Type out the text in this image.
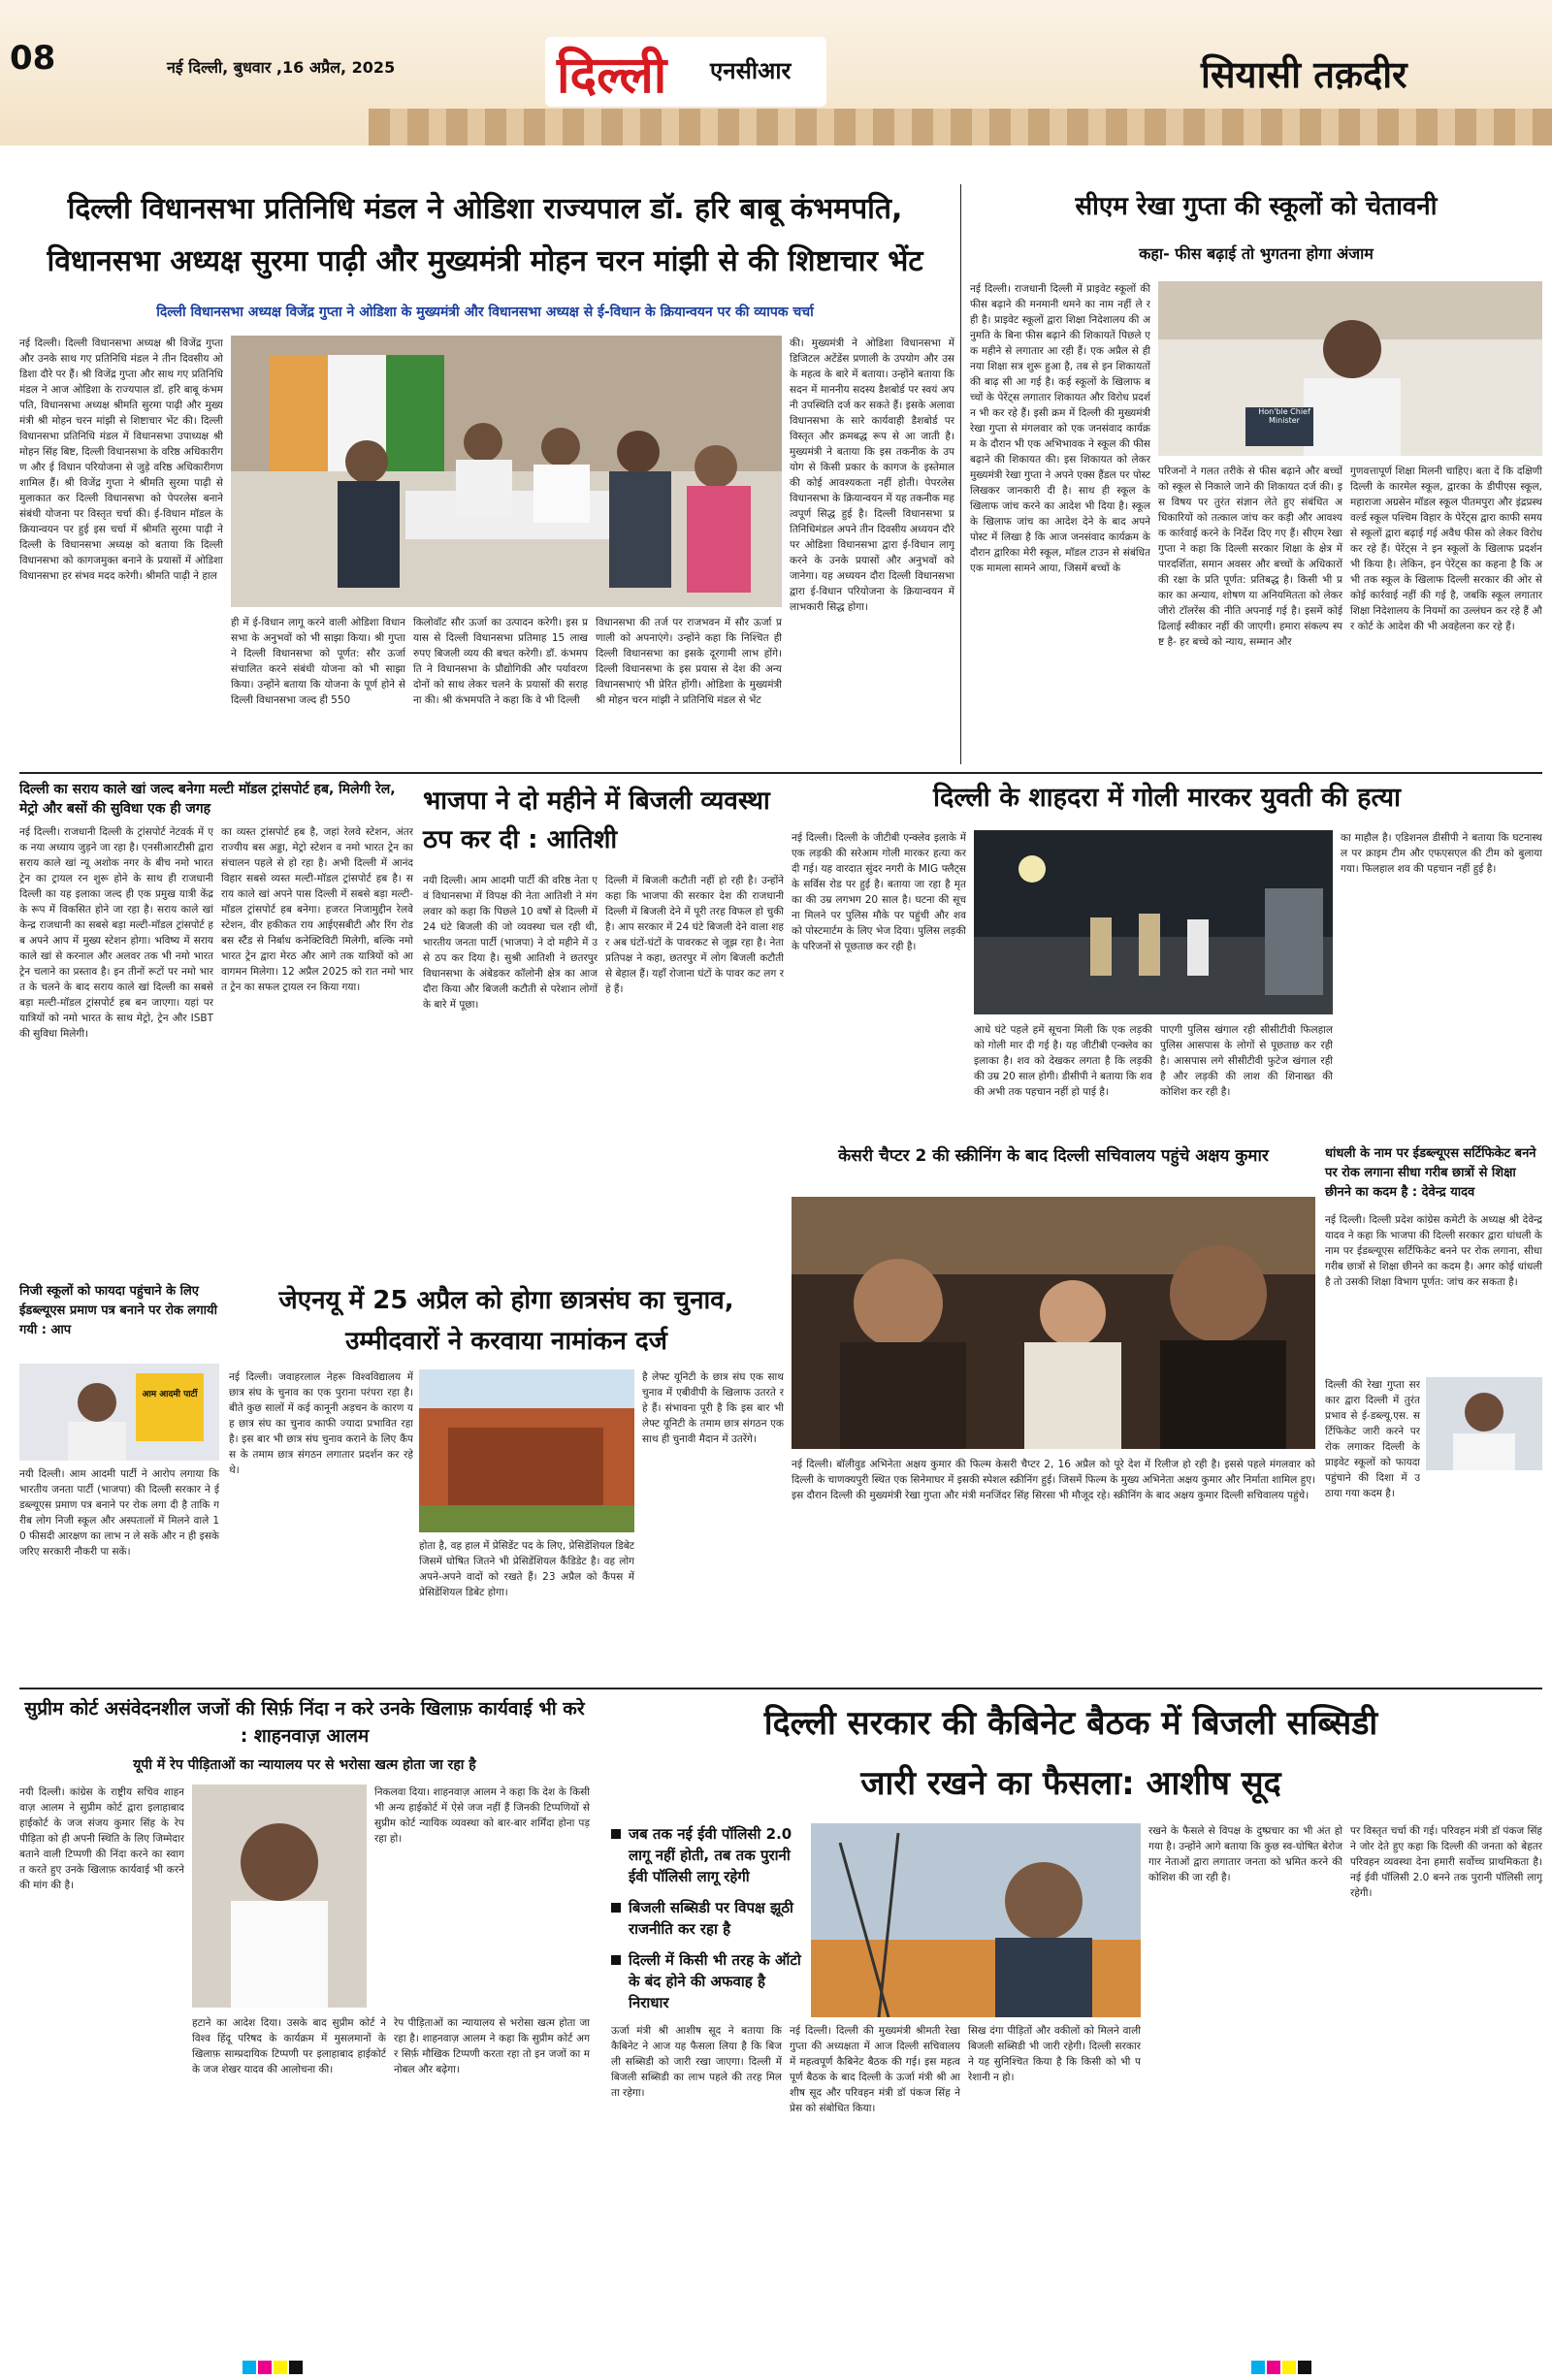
08	नई दिल्ली, बुधवार ,16 अप्रैल, 2025	दिल्ली एनसीआर	सियासी तक़दीर
दिल्ली विधानसभा प्रतिनिधि मंडल ने ओडिशा राज्यपाल डॉ. हरि बाबू कंभमपति,
विधानसभा अध्यक्ष सुरमा पाढ़ी और मुख्यमंत्री मोहन चरन मांझी से की शिष्टाचार भेंट
दिल्ली विधानसभा अध्यक्ष विजेंद्र गुप्ता ने ओडिशा के मुख्यमंत्री और विधानसभा अध्यक्ष से ई-विधान के क्रियान्वयन पर की व्यापक चर्चा
नई दिल्ली। दिल्ली विधानसभा अध्यक्ष श्री विजेंद्र गुप्ता और उनके साथ गए प्रतिनिधि मंडल ने तीन दिवसीय ओडिशा दौरे पर हैं। श्री विजेंद्र गुप्ता और साथ गए प्रतिनिधि मंडल ने आज ओडिशा के राज्यपाल डॉ. हरि बाबू कंभमपति, विधानसभा अध्यक्ष श्रीमति सुरमा पाढ़ी और मुख्यमंत्री श्री मोहन चरन मांझी से शिष्टाचार भेंट की। दिल्ली विधानसभा प्रतिनिधि मंडल में विधानसभा उपाध्यक्ष श्री मोहन सिंह बिष्ट, दिल्ली विधानसभा के वरिष्ठ अधिकारीगण और ई विधान परियोजना से जुड़े वरिष्ठ अधिकारीगण शामिल हैं। श्री विजेंद्र गुप्ता ने श्रीमति सुरमा पाढ़ी से मुलाकात कर दिल्ली विधानसभा को पेपरलेस बनाने संबंधी योजना पर विस्तृत चर्चा की। ई-विधान मॉडल के क्रियान्वयन पर हुई इस चर्चा में श्रीमति सुरमा पाढ़ी ने दिल्ली के विधानसभा अध्यक्ष को बताया कि दिल्ली विधानसभा को कागजमुक्त बनाने के प्रयासों में ओडिशा विधानसभा हर संभव मदद करेगी। श्रीमति पाढ़ी ने हाल
ही में ई-विधान लागू करने वाली ओडिशा विधानसभा के अनुभवों को भी साझा किया। श्री गुप्ता ने दिल्ली विधानसभा को पूर्णत: सौर ऊर्जा संचालित करने संबंधी योजना को भी साझा किया। उन्होंने बताया कि योजना के पूर्ण होने से दिल्ली विधानसभा जल्द ही 550
किलोवॉट सौर ऊर्जा का उत्पादन करेगी। इस प्रयास से दिल्ली विधानसभा प्रतिमाह 15 लाख रुपए बिजली व्यय की बचत करेगी। डॉ. कंभमपति ने विधानसभा के प्रौद्योगिकी और पर्यावरण दोनों को साथ लेकर चलने के प्रयासों की सराहना की। श्री कंभमपति ने कहा कि वे भी दिल्ली
विधानसभा की तर्ज पर राजभवन में सौर ऊर्जा प्रणाली को अपनाएंगे। उन्होंने कहा कि निश्चित ही दिल्ली विधानसभा का इसके दूरगामी लाभ होंगे। दिल्ली विधानसभा के इस प्रयास से देश की अन्य विधानसभाएं भी प्रेरित होंगी। ओडिशा के मुख्यमंत्री श्री मोहन चरन मांझी ने प्रतिनिधि मंडल से भेंट
की। मुख्यमंत्री ने ओडिशा विधानसभा में डिजिटल अटेंडेंस प्रणाली के उपयोग और उसके महत्व के बारे में बताया। उन्होंने बताया कि सदन में माननीय सदस्य डैशबोर्ड पर स्वयं अपनी उपस्थिति दर्ज कर सकते हैं। इसके अलावा विधानसभा के सारे कार्यवाही डैशबोर्ड पर विस्तृत और क्रमबद्ध रूप से आ जाती है। मुख्यमंत्री ने बताया कि इस तकनीक के उपयोग से किसी प्रकार के कागज के इस्तेमाल की कोई आवश्यकता नहीं होती। पेपरलेस विधानसभा के क्रियान्वयन में यह तकनीक महत्वपूर्ण सिद्ध हुई है। दिल्ली विधानसभा प्रतिनिधिमंडल अपने तीन दिवसीय अध्ययन दौरे पर ओडिशा विधानसभा द्वारा ई-विधान लागू करने के उनके प्रयासों और अनुभवों को जानेगा। यह अध्ययन दौरा दिल्ली विधानसभा द्वारा ई-विधान परियोजना के क्रियान्वयन में लाभकारी सिद्ध होगा।
सीएम रेखा गुप्ता की स्कूलों को चेतावनी
कहा- फीस बढ़ाई तो भुगतना होगा अंजाम
नई दिल्ली। राजधानी दिल्ली में प्राइवेट स्कूलों की फीस बढ़ाने की मनमानी थमने का नाम नहीं ले रही है। प्राइवेट स्कूलों द्वारा शिक्षा निदेशालय की अनुमति के बिना फीस बढ़ाने की शिकायतें पिछले एक महीने से लगातार आ रही हैं। एक अप्रैल से ही नया शिक्षा सत्र शुरू हुआ है, तब से इन शिकायतों की बाढ़ सी आ गई है। कई स्कूलों के खिलाफ बच्चों के पेरेंट्स लगातार शिकायत और विरोध प्रदर्शन भी कर रहे हैं। इसी क्रम में दिल्ली की मुख्यमंत्री रेखा गुप्ता से मंगलवार को एक जनसंवाद कार्यक्रम के दौरान भी एक अभिभावक ने स्कूल की फीस बढ़ाने की शिकायत की। इस शिकायत को लेकर मुख्यमंत्री रेखा गुप्ता ने अपने एक्स हैंडल पर पोस्ट लिखकर जानकारी दी है। साथ ही स्कूल के खिलाफ जांच करने का आदेश भी दिया है। स्कूल के खिलाफ जांच का आदेश देने के बाद अपने पोस्ट में लिखा है कि आज जनसंवाद कार्यक्रम के दौरान द्वारिका मेरी स्कूल, मॉडल टाउन से संबंधित एक मामला सामने आया, जिसमें बच्चों के
Hon'ble Chief Minister
परिजनों ने गलत तरीके से फीस बढ़ाने और बच्चों को स्कूल से निकाले जाने की शिकायत दर्ज की। इस विषय पर तुरंत संज्ञान लेते हुए संबंधित अधिकारियों को तत्काल जांच कर कड़ी और आवश्यक कार्रवाई करने के निर्देश दिए गए हैं। सीएम रेखा गुप्ता ने कहा कि दिल्ली सरकार शिक्षा के क्षेत्र में पारदर्शिता, समान अवसर और बच्चों के अधिकारों की रक्षा के प्रति पूर्णत: प्रतिबद्ध है। किसी भी प्रकार का अन्याय, शोषण या अनियमितता को लेकर जीरो टॉलरेंस की नीति अपनाई गई है। इसमें कोई ढिलाई स्वीकार नहीं की जाएगी। हमारा संकल्प स्पष्ट है- हर बच्चे को न्याय, सम्मान और
गुणवत्तापूर्ण शिक्षा मिलनी चाहिए। बता दें कि दक्षिणी दिल्ली के कारमेल स्कूल, द्वारका के डीपीएस स्कूल, महाराजा अग्रसेन मॉडल स्कूल पीतमपुरा और इंद्रप्रस्थ वर्ल्ड स्कूल पश्चिम विहार के पेरेंट्स द्वारा काफी समय से स्कूलों द्वारा बढ़ाई गई अवैध फीस को लेकर विरोध कर रहे हैं। पेरेंट्स ने इन स्कूलों के खिलाफ प्रदर्शन भी किया है। लेकिन, इन पेरेंट्स का कहना है कि अभी तक स्कूल के खिलाफ दिल्ली सरकार की ओर से कोई कार्रवाई नहीं की गई है, जबकि स्कूल लगातार शिक्षा निदेशालय के नियमों का उल्लंघन कर रहे हैं और कोर्ट के आदेश की भी अवहेलना कर रहे हैं।
दिल्ली का सराय काले खां जल्द बनेगा मल्टी मॉडल ट्रांसपोर्ट हब, मिलेगी रेल, मेट्रो और बसों की सुविधा एक ही जगह
नई दिल्ली। राजधानी दिल्ली के ट्रांसपोर्ट नेटवर्क में एक नया अध्याय जुड़ने जा रहा है। एनसीआरटीसी द्वारा सराय काले खां न्यू अशोक नगर के बीच नमो भारत ट्रेन का ट्रायल रन शुरू होने के साथ ही राजधानी दिल्ली का यह इलाका जल्द ही एक प्रमुख यात्री केंद्र के रूप में विकसित होने जा रहा है। सराय काले खां केन्द्र राजधानी का सबसे बड़ा मल्टी-मॉडल ट्रांसपोर्ट हब अपने आप में मुख्य स्टेशन होगा। भविष्य में सराय काले खां से करनाल और अलवर तक भी नमो भारत ट्रेन चलाने का प्रस्ताव है। इन तीनों रूटों पर नमो भारत के चलने के बाद सराय काले खां दिल्ली का सबसे बड़ा मल्टी-मॉडल ट्रांसपोर्ट हब बन जाएगा। यहां पर यात्रियों को नमो भारत के साथ मेट्रो, ट्रेन और ISBT की सुविधा मिलेगी।
का व्यस्त ट्रांसपोर्ट हब है, जहां रेलवे स्टेशन, अंतरराज्यीय बस अड्डा, मेट्रो स्टेशन व नमो भारत ट्रेन का संचालन पहले से हो रहा है। अभी दिल्ली में आनंद विहार सबसे व्यस्त मल्टी-मॉडल ट्रांसपोर्ट हब है। सराय काले खां अपने पास दिल्ली में सबसे बड़ा मल्टी-मॉडल ट्रांसपोर्ट हब बनेगा। हजरत निजामुद्दीन रेलवे स्टेशन, वीर हकीकत राय आईएसबीटी और रिंग रोड बस स्टैंड से निर्बाध कनेक्टिविटी मिलेगी, बल्कि नमो भारत ट्रेन द्वारा मेरठ और आगे तक यात्रियों को आवागमन मिलेगा। 12 अप्रैल 2025 को रात नमो भारत ट्रेन का सफल ट्रायल रन किया गया।
भाजपा ने दो महीने में बिजली व्यवस्था ठप कर दी : आतिशी
नयी दिल्ली। आम आदमी पार्टी की वरिष्ठ नेता एवं विधानसभा में विपक्ष की नेता आतिशी ने मंगलवार को कहा कि पिछले 10 वर्षों से दिल्ली में 24 घंटे बिजली की जो व्यवस्था चल रही थी, भारतीय जनता पार्टी (भाजपा) ने दो महीने में उसे ठप कर दिया है। सुश्री आतिशी ने छतरपुर विधानसभा के अंबेडकर कॉलोनी क्षेत्र का आज दौरा किया और बिजली कटौती से परेशान लोगों के बारे में पूछा।
दिल्ली में बिजली कटौती नहीं हो रही है। उन्होंने कहा कि भाजपा की सरकार देश की राजधानी दिल्ली में बिजली देने में पूरी तरह विफल हो चुकी है। आप सरकार में 24 घंटे बिजली देने वाला शहर अब घंटों-घंटों के पावरकट से जूझ रहा है। नेता प्रतिपक्ष ने कहा, छतरपुर में लोग बिजली कटौती से बेहाल हैं। यहाँ रोजाना घंटों के पावर कट लग रहे हैं।
दिल्ली के शाहदरा में गोली मारकर युवती की हत्या
नई दिल्ली। दिल्ली के जीटीबी एन्क्लेव इलाके में एक लड़की की सरेआम गोली मारकर हत्या कर दी गई। यह वारदात सुंदर नगरी के MIG फ्लैट्स के सर्विस रोड पर हुई है। बताया जा रहा है मृतका की उम्र लगभग 20 साल है। घटना की सूचना मिलने पर पुलिस मौके पर पहुंची और शव को पोस्टमार्टम के लिए भेज दिया। पुलिस लड़की के परिजनों से पूछताछ कर रही है।
आधे घंटे पहले हमें सूचना मिली कि एक लड़की को गोली मार दी गई है। यह जीटीबी एन्क्लेव का इलाका है। शव को देखकर लगता है कि लड़की की उम्र 20 साल होगी। डीसीपी ने बताया कि शव की अभी तक पहचान नहीं हो पाई है।
पाएगी पुलिस खंगाल रही सीसीटीवी फिलहाल पुलिस आसपास के लोगों से पूछताछ कर रही है। आसपास लगे सीसीटीवी फुटेज खंगाल रही है और लड़की की लाश की शिनाख्त की कोशिश कर रही है।
का माहौल है। एडिशनल डीसीपी ने बताया कि घटनास्थल पर क्राइम टीम और एफएसएल की टीम को बुलाया गया। फिलहाल शव की पहचान नहीं हुई है।
केसरी चैप्टर 2 की स्क्रीनिंग के बाद दिल्ली सचिवालय पहुंचे अक्षय कुमार
नई दिल्ली। बॉलीवुड अभिनेता अक्षय कुमार की फिल्म केसरी चैप्टर 2, 16 अप्रैल को पूरे देश में रिलीज हो रही है। इससे पहले मंगलवार को दिल्ली के चाणक्यपुरी स्थित एक सिनेमाघर में इसकी स्पेशल स्क्रीनिंग हुई। जिसमें फिल्म के मुख्य अभिनेता अक्षय कुमार और निर्माता शामिल हुए। इस दौरान दिल्ली की मुख्यमंत्री रेखा गुप्ता और मंत्री मनजिंदर सिंह सिरसा भी मौजूद रहे। स्क्रीनिंग के बाद अक्षय कुमार दिल्ली सचिवालय पहुंचे।
धांधली के नाम पर ईडब्ल्यूएस सर्टिफिकेट बनने पर रोक लगाना सीधा गरीब छात्रों से शिक्षा छीनने का कदम है : देवेन्द्र यादव
नई दिल्ली। दिल्ली प्रदेश कांग्रेस कमेटी के अध्यक्ष श्री देवेन्द्र यादव ने कहा कि भाजपा की दिल्ली सरकार द्वारा धांधली के नाम पर ईडब्ल्यूएस सर्टिफिकेट बनने पर रोक लगाना, सीधा गरीब छात्रों से शिक्षा छीनने का कदम है। अगर कोई धांधली है तो उसकी शिक्षा विभाग पूर्णत: जांच कर सकता है।
दिल्ली की रेखा गुप्ता सरकार द्वारा दिल्ली में तुरंत प्रभाव से ई-डब्ल्यू.एस. सर्टिफिकेट जारी करने पर रोक लगाकर दिल्ली के प्राइवेट स्कूलों को फायदा पहुंचाने की दिशा में उठाया गया कदम है।
निजी स्कूलों को फायदा पहुंचाने के लिए ईडब्ल्यूएस प्रमाण पत्र बनाने पर रोक लगायी गयी : आप
आम आदमी पार्टी
नयी दिल्ली। आम आदमी पार्टी ने आरोप लगाया कि भारतीय जनता पार्टी (भाजपा) की दिल्ली सरकार ने ईडब्ल्यूएस प्रमाण पत्र बनाने पर रोक लगा दी है ताकि गरीब लोग निजी स्कूल और अस्पतालों में मिलने वाले 10 फीसदी आरक्षण का लाभ न ले सकें और न ही इसके जरिए सरकारी नौकरी पा सकें।
जेएनयू में 25 अप्रैल को होगा छात्रसंघ का चुनाव, उम्मीदवारों ने करवाया नामांकन दर्ज
नई दिल्ली। जवाहरलाल नेहरू विश्वविद्यालय में छात्र संघ के चुनाव का एक पुराना परंपरा रहा है। बीते कुछ सालों में कई कानूनी अड़चन के कारण यह छात्र संघ का चुनाव काफी ज्यादा प्रभावित रहा है। इस बार भी छात्र संघ चुनाव कराने के लिए कैंपस के तमाम छात्र संगठन लगातार प्रदर्शन कर रहे थे।
होता है, वह हाल में प्रेसिडेंट पद के लिए, प्रेसिडेंशियल डिबेट जिसमें घोषित जितने भी प्रेसिडेंशियल कैंडिडेट है। वह लोग अपने-अपने वादों को रखते हैं। 23 अप्रैल को कैंपस में प्रेसिडेंशियल डिबेट होगा।
है लेफ्ट यूनिटी के छात्र संघ एक साथ चुनाव में एबीवीपी के खिलाफ उतरते रहे हैं। संभावना पूरी है कि इस बार भी लेफ्ट यूनिटी के तमाम छात्र संगठन एक साथ ही चुनावी मैदान में उतरेंगे।
सुप्रीम कोर्ट असंवेदनशील जजों की सिर्फ़ निंदा न करे उनके खिलाफ़ कार्यवाई भी करे : शाहनवाज़ आलम
यूपी में रेप पीड़िताओं का न्यायालय पर से भरोसा खत्म होता जा रहा है
नयी दिल्ली। कांग्रेस के राष्ट्रीय सचिव शाहनवाज़ आलम ने सुप्रीम कोर्ट द्वारा इलाहाबाद हाईकोर्ट के जज संजय कुमार सिंह के रेप पीड़िता को ही अपनी स्थिति के लिए जिम्मेदार बताने वाली टिप्पणी की निंदा करने का स्वागत करते हुए उनके खिलाफ़ कार्यवाई भी करने की मांग की है।
निकलवा दिया। शाहनवाज़ आलम ने कहा कि देश के किसी भी अन्य हाईकोर्ट में ऐसे जज नहीं हैं जिनकी टिप्पणियों से सुप्रीम कोर्ट न्यायिक व्यवस्था को बार-बार शर्मिंदा होना पड़ रहा हो।
हटाने का आदेश दिया। उसके बाद सुप्रीम कोर्ट ने विश्व हिंदू परिषद के कार्यक्रम में मुसलमानों के खिलाफ़ साम्प्रदायिक टिप्पणी पर इलाहाबाद हाईकोर्ट के जज शेखर यादव की आलोचना की।
रेप पीड़िताओं का न्यायालय से भरोसा खत्म होता जा रहा है। शाहनवाज़ आलम ने कहा कि सुप्रीम कोर्ट अगर सिर्फ़ मौखिक टिप्पणी करता रहा तो इन जजों का मनोबल और बढ़ेगा।
दिल्ली सरकार की कैबिनेट बैठक में बिजली सब्सिडी
जारी रखने का फैसला: आशीष सूद
जब तक नई ईवी पॉलिसी 2.0 लागू नहीं होती, तब तक पुरानी ईवी पॉलिसी लागू रहेगी
बिजली सब्सिडी पर विपक्ष झूठी राजनीति कर रहा है
दिल्ली में किसी भी तरह के ऑटो के बंद होने की अफवाह है निराधार
ऊर्जा मंत्री श्री आशीष सूद ने बताया कि कैबिनेट ने आज यह फैसला लिया है कि बिजली सब्सिडी को जारी रखा जाएगा। दिल्ली में बिजली सब्सिडी का लाभ पहले की तरह मिलता रहेगा।
नई दिल्ली। दिल्ली की मुख्यमंत्री श्रीमती रेखा गुप्ता की अध्यक्षता में आज दिल्ली सचिवालय में महत्वपूर्ण कैबिनेट बैठक की गई। इस महत्वपूर्ण बैठक के बाद दिल्ली के ऊर्जा मंत्री श्री आशीष सूद और परिवहन मंत्री डॉ पंकज सिंह ने प्रेस को संबोधित किया।
सिख दंगा पीड़ितों और वकीलों को मिलने वाली बिजली सब्सिडी भी जारी रहेगी। दिल्ली सरकार ने यह सुनिश्चित किया है कि किसी को भी परेशानी न हो।
रखने के फैसले से विपक्ष के दुष्प्रचार का भी अंत हो गया है। उन्होंने आगे बताया कि कुछ स्व-घोषित बेरोजगार नेताओं द्वारा लगातार जनता को भ्रमित करने की कोशिश की जा रही है।
पर विस्तृत चर्चा की गई। परिवहन मंत्री डॉ पंकज सिंह ने जोर देते हुए कहा कि दिल्ली की जनता को बेहतर परिवहन व्यवस्था देना हमारी सर्वोच्च प्राथमिकता है। नई ईवी पॉलिसी 2.0 बनने तक पुरानी पॉलिसी लागू रहेगी।
